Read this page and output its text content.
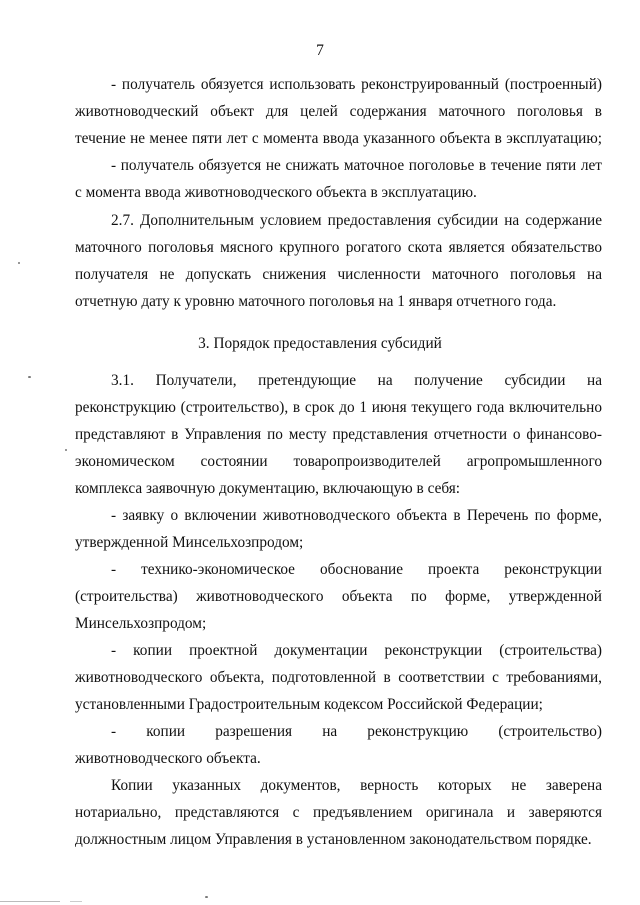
7
- получатель обязуется использовать реконструированный (построенный)
животноводческий объект для целей содержания маточного поголовья в
течение не менее пяти лет с момента ввода указанного объекта в эксплуатацию;
- получатель обязуется не снижать маточное поголовье в течение пяти лет
с момента ввода животноводческого объекта в эксплуатацию.
2.7. Дополнительным условием предоставления субсидии на содержание
маточного поголовья мясного крупного рогатого скота является обязательство
получателя не допускать снижения численности маточного поголовья на
отчетную дату к уровню маточного поголовья на 1 января отчетного года.
3. Порядок предоставления субсидий
3.1. Получатели, претендующие на получение субсидии на
реконструкцию (строительство), в срок до 1 июня текущего года включительно
представляют в Управления по месту представления отчетности о финансово-
экономическом состоянии товаропроизводителей агропромышленного
комплекса заявочную документацию, включающую в себя:
- заявку о включении животноводческого объекта в Перечень по форме,
утвержденной Минсельхозпродом;
- технико-экономическое обоснование проекта реконструкции
(строительства) животноводческого объекта по форме, утвержденной
Минсельхозпродом;
- копии проектной документации реконструкции (строительства)
животноводческого объекта, подготовленной в соответствии с требованиями,
установленными Градостроительным кодексом Российской Федерации;
- копии разрешения на реконструкцию (строительство)
животноводческого объекта.
Копии указанных документов, верность которых не заверена
нотариально, представляются с предъявлением оригинала и заверяются
должностным лицом Управления в установленном законодательством порядке.
